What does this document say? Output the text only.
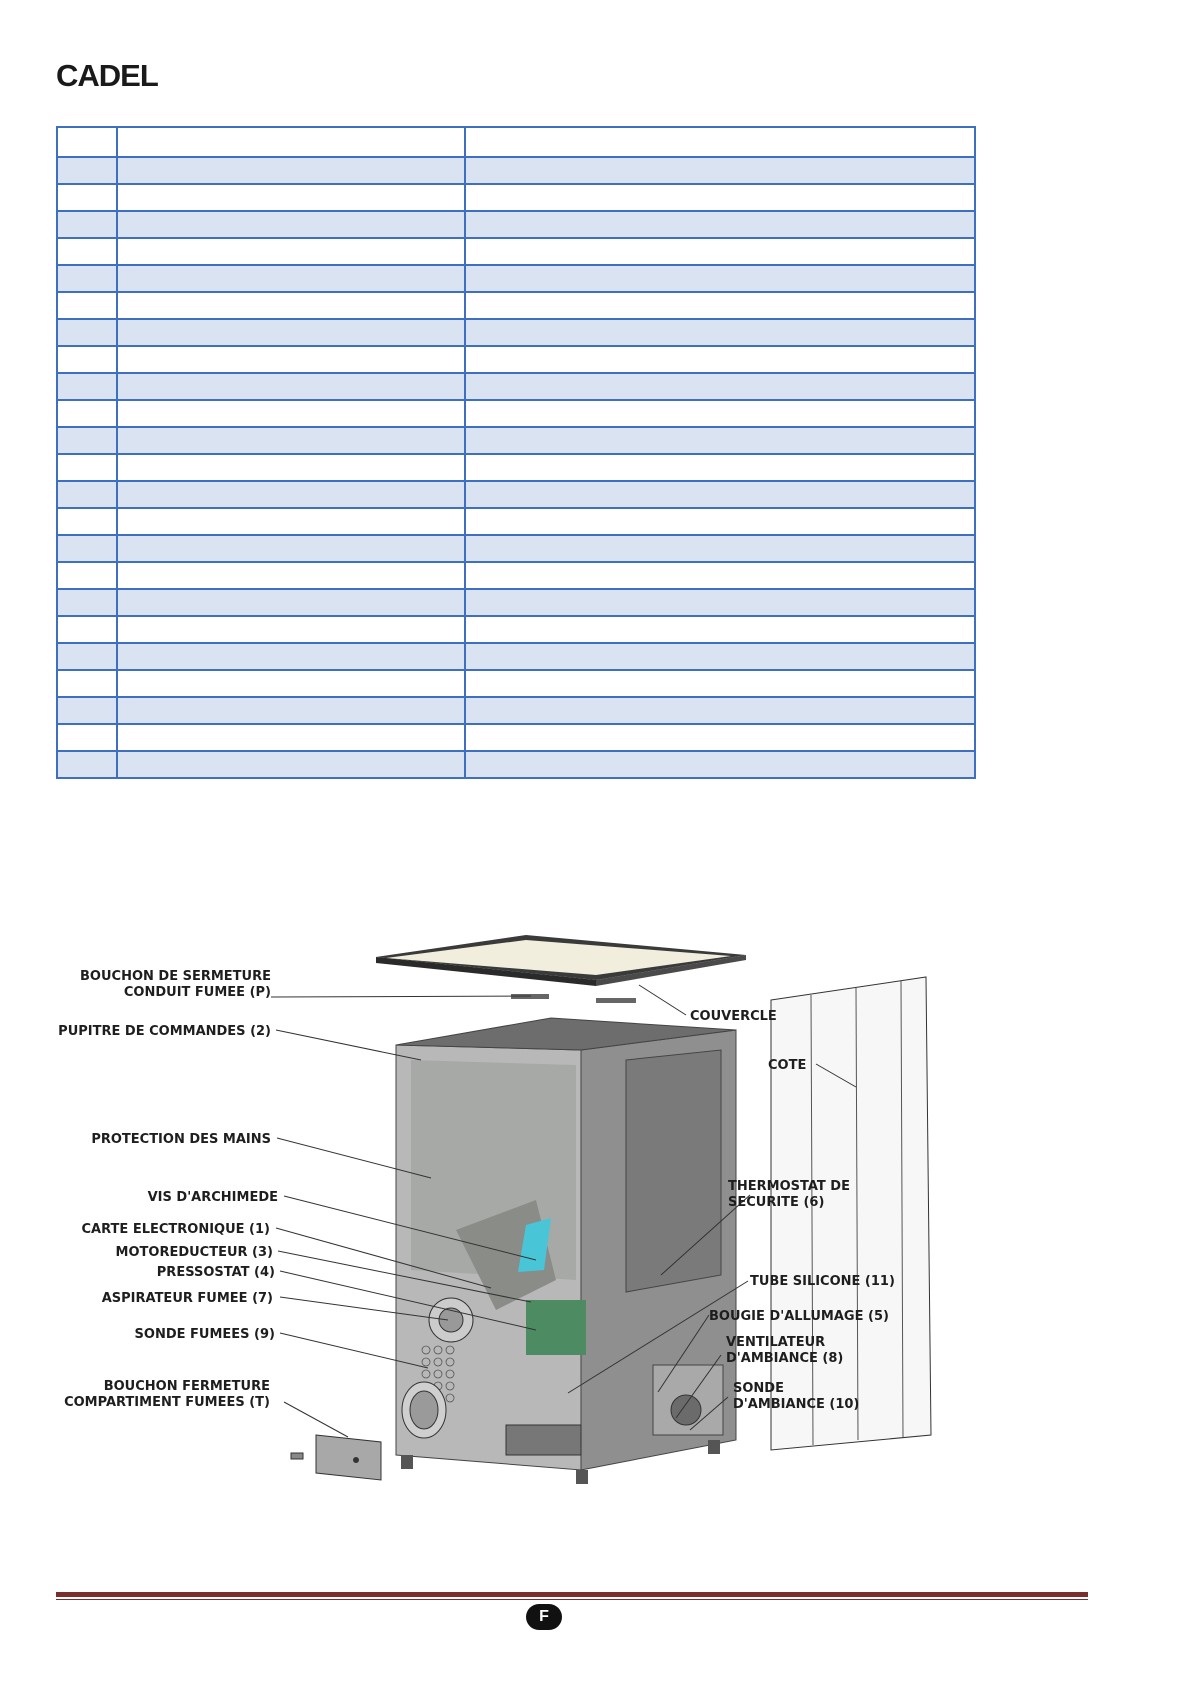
CADEL

BOUCHON DE SERMETURE
CONDUIT FUMEE (P)
COUVERCLE
PUPITRE DE COMMANDES (2)
COTE
PROTECTION DES MAINS
VIS D'ARCHIMEDE
THERMOSTAT DE
SECURITE (6)
CARTE ELECTRONIQUE (1)
MOTOREDUCTEUR (3)
PRESSOSTAT (4)
TUBE SILICONE (11)
ASPIRATEUR FUMEE (7)
BOUGIE D'ALLUMAGE (5)
SONDE FUMEES (9)
VENTILATEUR
D'AMBIANCE (8)
BOUCHON FERMETURE
COMPARTIMENT FUMEES (T)
SONDE
D'AMBIANCE (10)
F
